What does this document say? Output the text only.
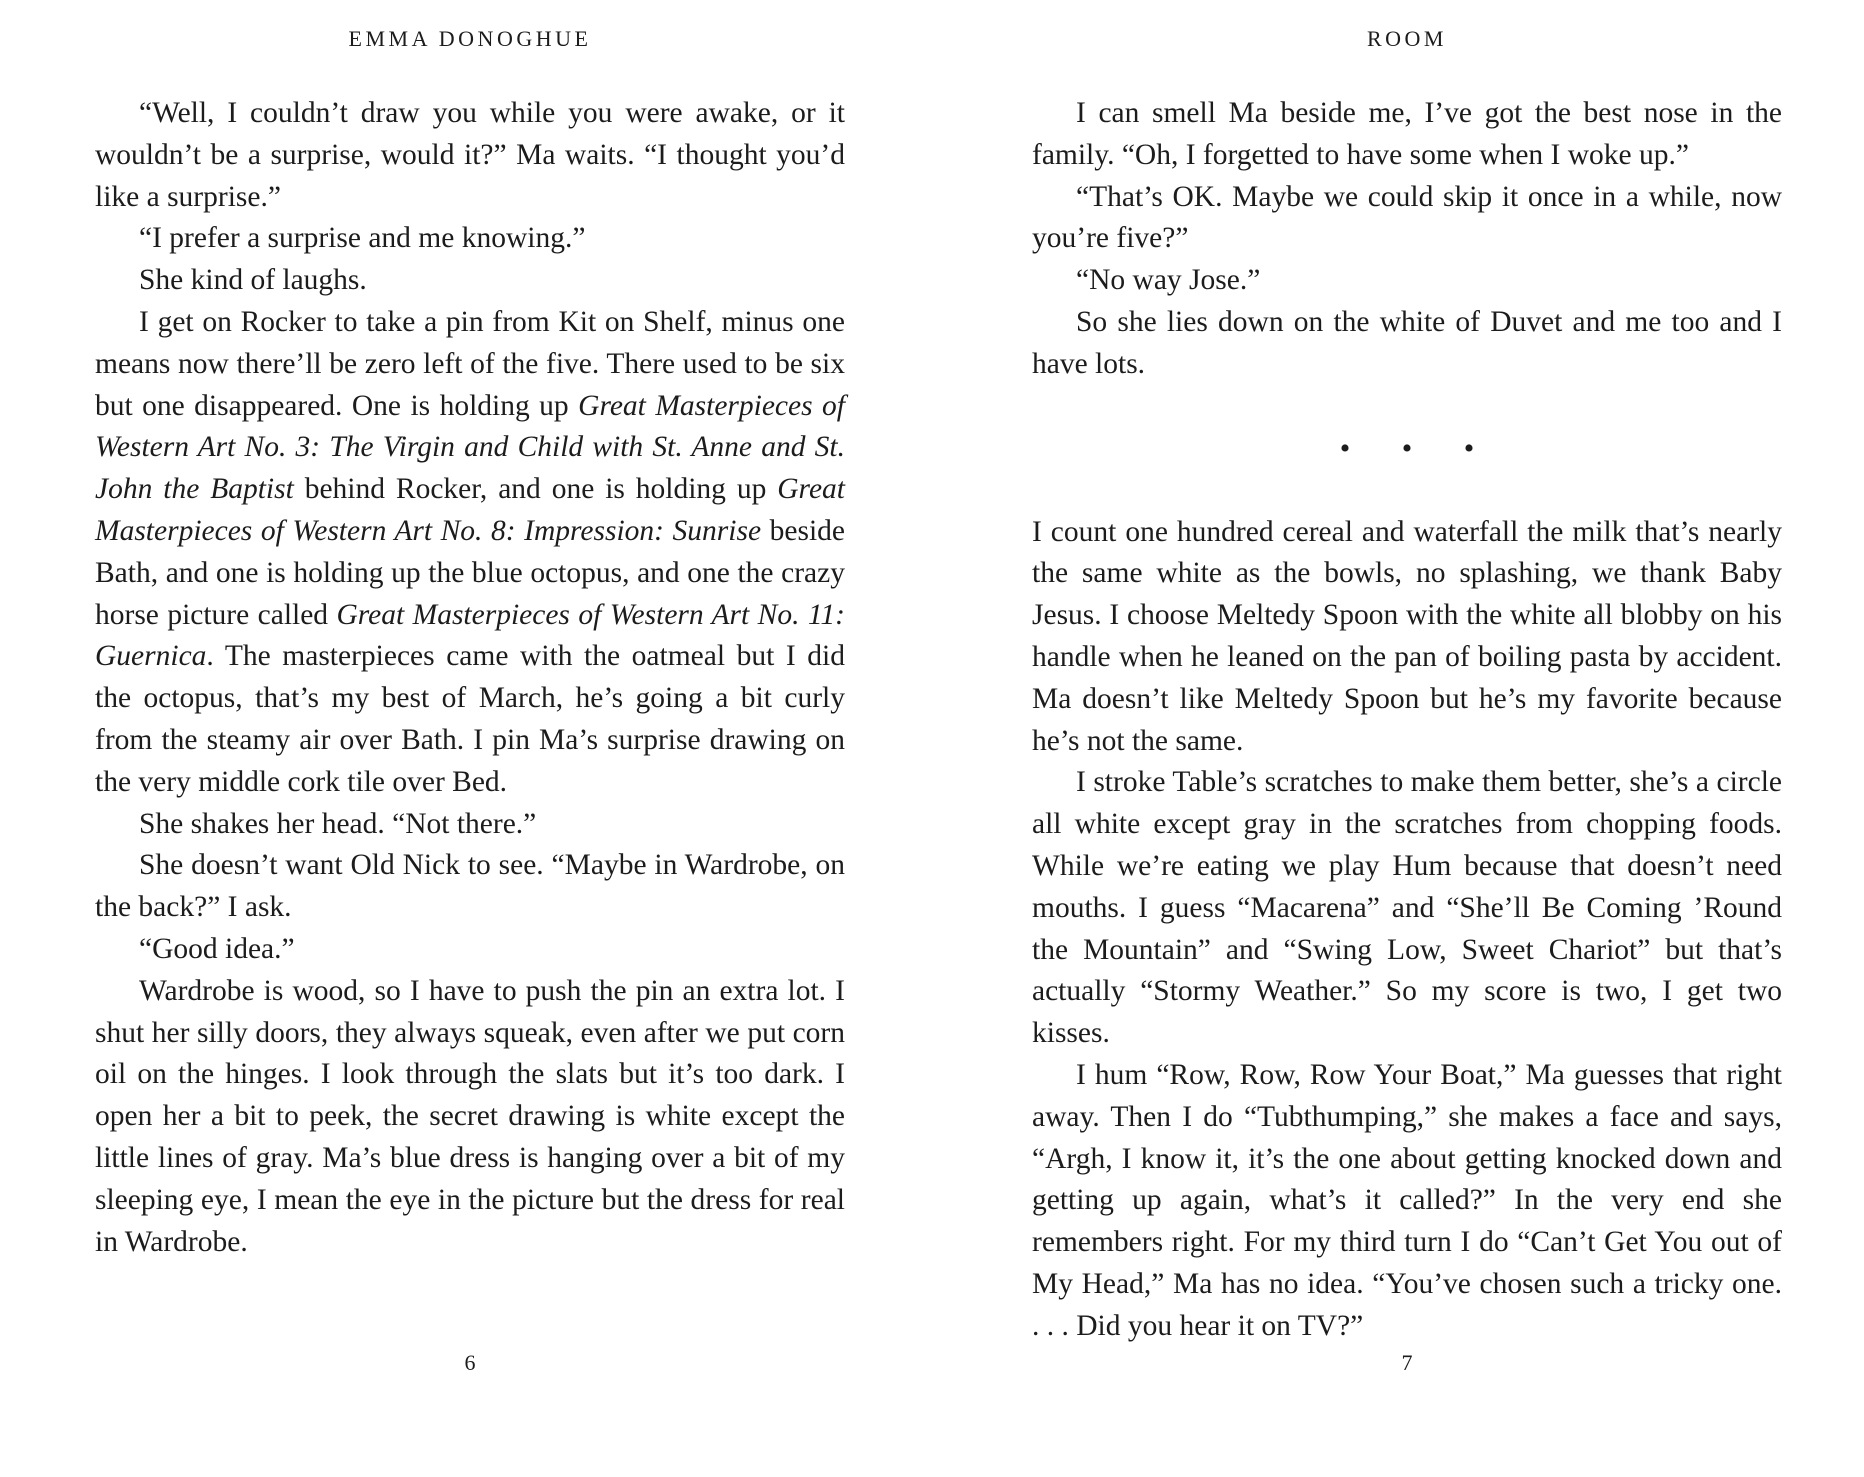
EMMA DONOGHUE

“Well, I couldn’t draw you while you were awake, or it wouldn’t be a surprise, would it?” Ma waits. “I thought you’d like a surprise.”

“I prefer a surprise and me knowing.”

She kind of laughs.

I get on Rocker to take a pin from Kit on Shelf, minus one means now there’ll be zero left of the five. There used to be six but one disappeared. One is holding up Great Masterpieces of Western Art No. 3: The Virgin and Child with St. Anne and St. John the Baptist behind Rocker, and one is holding up Great Masterpieces of Western Art No. 8: Impression: Sunrise beside Bath, and one is holding up the blue octopus, and one the crazy horse picture called Great Masterpieces of Western Art No. 11: Guernica. The masterpieces came with the oatmeal but I did the octopus, that’s my best of March, he’s going a bit curly from the steamy air over Bath. I pin Ma’s surprise drawing on the very middle cork tile over Bed.

She shakes her head. “Not there.”

She doesn’t want Old Nick to see. “Maybe in Wardrobe, on the back?” I ask.

“Good idea.”

Wardrobe is wood, so I have to push the pin an extra lot. I shut her silly doors, they always squeak, even after we put corn oil on the hinges. I look through the slats but it’s too dark. I open her a bit to peek, the secret drawing is white except the little lines of gray. Ma’s blue dress is hanging over a bit of my sleeping eye, I mean the eye in the picture but the dress for real in Wardrobe.

6
ROOM

I can smell Ma beside me, I’ve got the best nose in the family. “Oh, I forgetted to have some when I woke up.”

“That’s OK. Maybe we could skip it once in a while, now you’re five?”

“No way Jose.”

So she lies down on the white of Duvet and me too and I have lots.

• • •

I count one hundred cereal and waterfall the milk that’s nearly the same white as the bowls, no splashing, we thank Baby Jesus. I choose Meltedy Spoon with the white all blobby on his handle when he leaned on the pan of boiling pasta by accident. Ma doesn’t like Meltedy Spoon but he’s my favorite because he’s not the same.

I stroke Table’s scratches to make them better, she’s a circle all white except gray in the scratches from chopping foods. While we’re eating we play Hum because that doesn’t need mouths. I guess “Macarena” and “She’ll Be Coming ’Round the Mountain” and “Swing Low, Sweet Chariot” but that’s actually “Stormy Weather.” So my score is two, I get two kisses.

I hum “Row, Row, Row Your Boat,” Ma guesses that right away. Then I do “Tubthumping,” she makes a face and says, “Argh, I know it, it’s the one about getting knocked down and getting up again, what’s it called?” In the very end she remembers right. For my third turn I do “Can’t Get You out of My Head,” Ma has no idea. “You’ve chosen such a tricky one. . . . Did you hear it on TV?”

7
